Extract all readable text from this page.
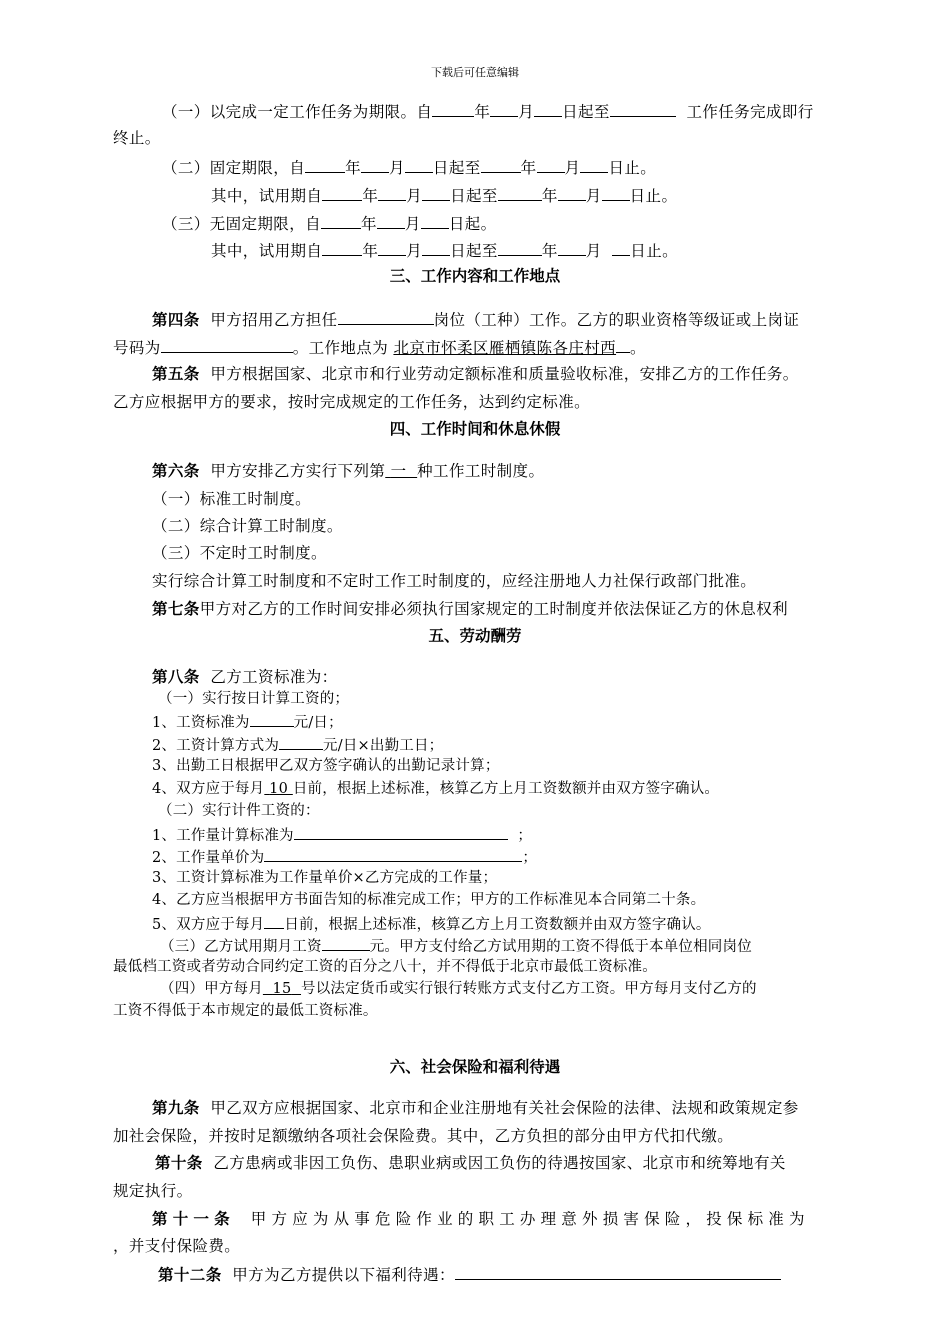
下载后可任意编辑
（一）以完成一定工作任务为期限。自	年 月 日起至	工作任务完成即行
终止。
（二）固定期限，自	年 月 日起至	年 月 日止。
其中，试用期自	年 月 日起至	年 月 日止。
（三）无固定期限，自	年 月 日起。
其中，试用期自	年 月 日起至	年 月 日止。
三、工作内容和工作地点
第四条 甲方招用乙方担任	岗位（工种）工作。乙方的职业资格等级证或上岗证
号码为	。工作地点为 北京市怀柔区雁栖镇陈各庄村西 。
第五条 甲方根据国家、北京市和行业劳动定额标准和质量验收标准，安排乙方的工作任务。
乙方应根据甲方的要求，按时完成规定的工作任务，达到约定标准。
四、工作时间和休息休假
第六条 甲方安排乙方实行下列第 一 种工作工时制度。
（一）标准工时制度。
（二）综合计算工时制度。
（三）不定时工时制度。
实行综合计算工时制度和不定时工作工时制度的，应经注册地人力社保行政部门批准。
第七条甲方对乙方的工作时间安排必须执行国家规定的工时制度并依法保证乙方的休息权利
五、劳动酬劳
第八条 乙方工资标准为：
（一）实行按日计算工资的；
1、工资标准为	元/日；
2、工资计算方式为	元/日×出勤工日；
3、出勤工日根据甲乙双方签字确认的出勤记录计算；
4、双方应于每月 10 日前，根据上述标准，核算乙方上月工资数额并由双方签字确认。
（二）实行计件工资的：
1、工作量计算标准为	；
2、工作量单价为	；
3、工资计算标准为工作量单价×乙方完成的工作量；
4、乙方应当根据甲方书面告知的标准完成工作；甲方的工作标准见本合同第二十条。
5、双方应于每月 日前，根据上述标准，核算乙方上月工资数额并由双方签字确认。
（三）乙方试用期月工资	元。甲方支付给乙方试用期的工资不得低于本单位相同岗位
最低档工资或者劳动合同约定工资的百分之八十，并不得低于北京市最低工资标准。
（四）甲方每月 15 号以法定货币或实行银行转账方式支付乙方工资。甲方每月支付乙方的
工资不得低于本市规定的最低工资标准。
六、社会保险和福利待遇
第九条 甲乙双方应根据国家、北京市和企业注册地有关社会保险的法律、法规和政策规定参
加社会保险，并按时足额缴纳各项社会保险费。其中，乙方负担的部分由甲方代扣代缴。
第十条 乙方患病或非因工负伤、患职业病或因工负伤的待遇按国家、北京市和统筹地有关
规定执行。
第十一条 甲方应为从事危险作业的职工办理意外损害保险，投保标准为
，并支付保险费。
第十二条 甲方为乙方提供以下福利待遇：
